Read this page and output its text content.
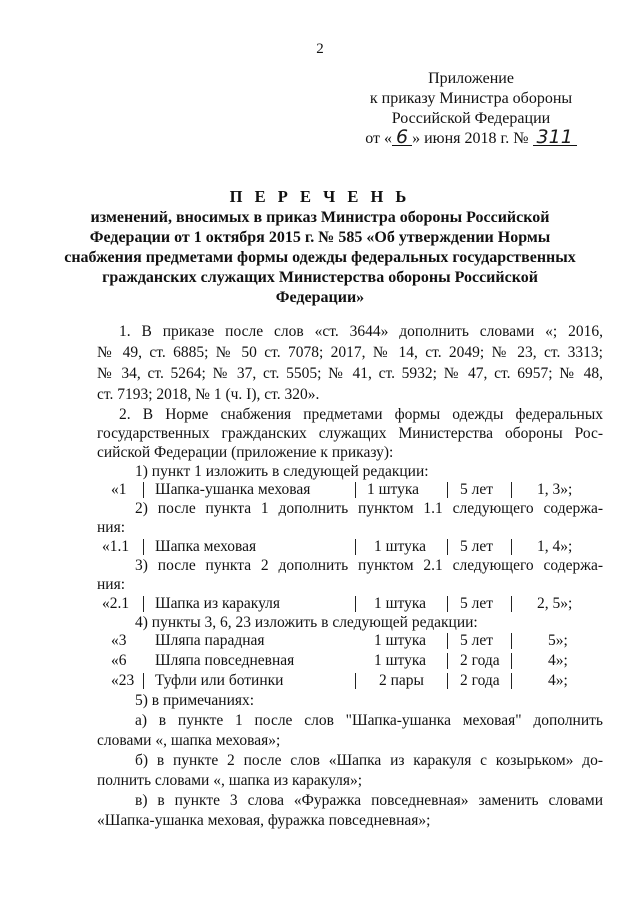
2
Приложение
к приказу Министра обороны
Российской Федерации
от « 6 » июня 2018 г. № 311
П Е Р Е Ч Е Н Ь
изменений, вносимых в приказ Министра обороны Российской Федерации от 1 октября 2015 г. № 585 «Об утверждении Нормы снабжения предметами формы одежды федеральных государственных гражданских служащих Министерства обороны Российской Федерации»
1. В приказе после слов «ст. 3644» дополнить словами «; 2016,
№ 49, ст. 6885; № 50 ст. 7078; 2017, № 14, ст. 2049; № 23, ст. 3313;
№ 34, ст. 5264; № 37, ст. 5505; № 41, ст. 5932; № 47, ст. 6957; № 48,
ст. 7193; 2018, № 1 (ч. I), ст. 320».
2. В Норме снабжения предметами формы одежды федеральных
государственных гражданских служащих Министерства обороны Рос-
сийской Федерации (приложение к приказу):
1) пункт 1 изложить в следующей редакции:
«1 Шапка-ушанка меховая	1 штука	5 лет	1, 3»;
2) после пункта 1 дополнить пунктом 1.1 следующего содержа-
ния:
«1.1 Шапка меховая	1 штука 5 лет	1, 4»;
3) после пункта 2 дополнить пунктом 2.1 следующего содержа-
ния:
«2.1 Шапка из каракуля	1 штука 5 лет	2, 5»;
4) пункты 3, 6, 23 изложить в следующей редакции:
«3 Шляпа парадная	1 штука 5 лет	5»;
«6 Шляпа повседневная	1 штука 2 года	4»;
«23 Туфли или ботинки	2 пары 2 года	4»;
5) в примечаниях:
а) в пункте 1 после слов "Шапка-ушанка меховая" дополнить
словами «, шапка меховая»;
б) в пункте 2 после слов «Шапка из каракуля с козырьком» до-
полнить словами «, шапка из каракуля»;
в) в пункте 3 слова «Фуражка повседневная» заменить словами
«Шапка-ушанка меховая, фуражка повседневная»;
